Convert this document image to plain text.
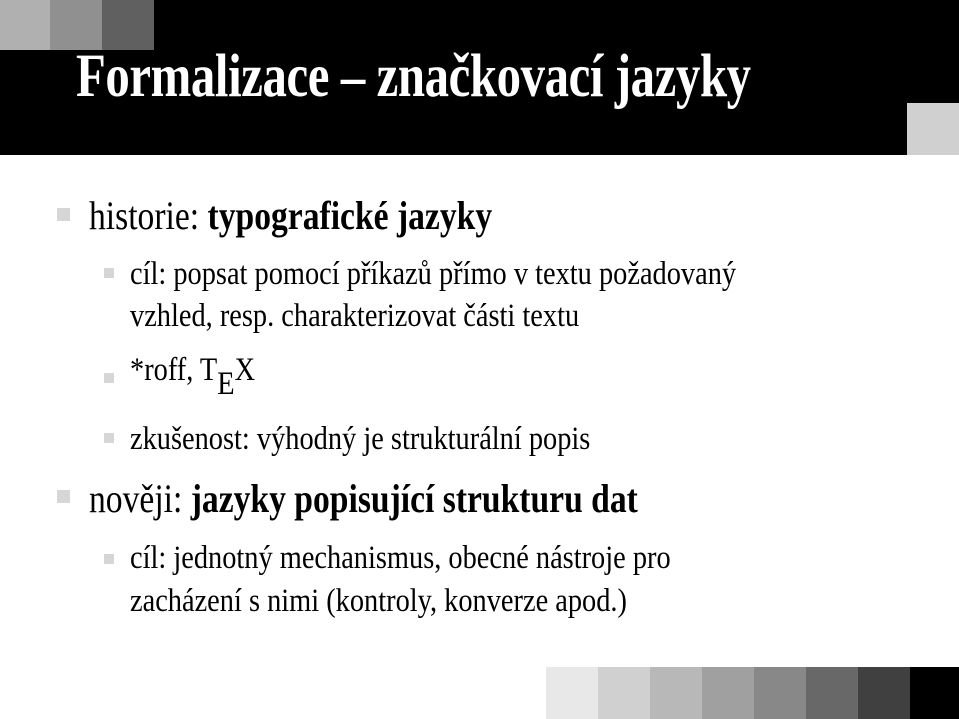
Formalizace – značkovací jazyky
historie: typografické jazyky
cíl: popsat pomocí příkazů přímo v textu požadovaný
vzhled, resp. charakterizovat části textu
*roff, TEX
zkušenost: výhodný je strukturální popis
nověji: jazyky popisující strukturu dat
cíl: jednotný mechanismus, obecné nástroje pro
zacházení s nimi (kontroly, konverze apod.)
